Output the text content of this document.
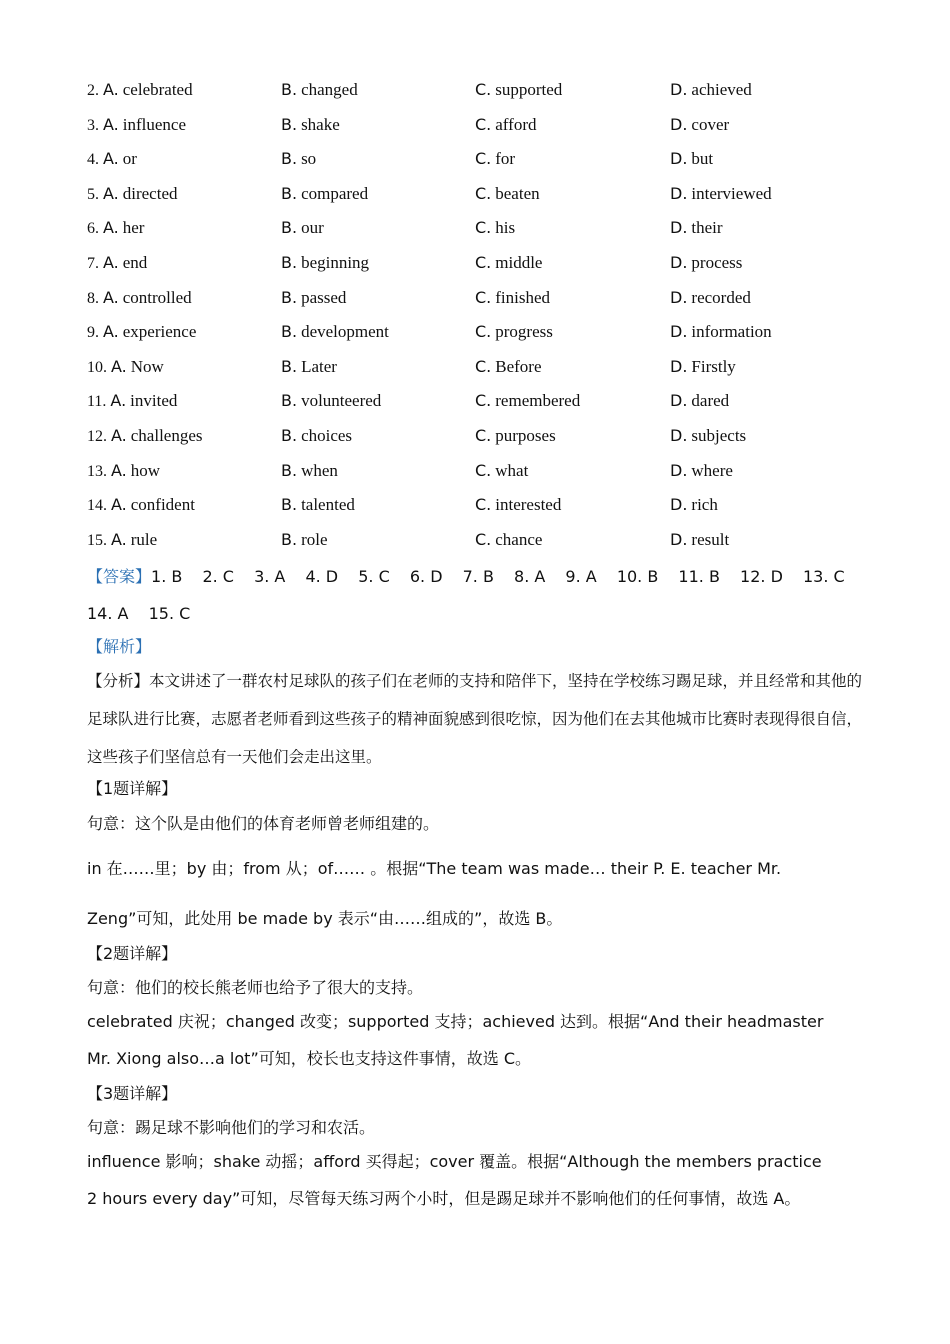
2. A. celebrated	B. changed	C. supported	D. achieved
3. A. influence	B. shake	C. afford	D. cover
4. A. or	B. so	C. for	D. but
5. A. directed	B. compared	C. beaten	D. interviewed
6. A. her	B. our	C. his	D. their
7. A. end	B. beginning	C. middle	D. process
8. A. controlled	B. passed	C. finished	D. recorded
9. A. experience	B. development	C. progress	D. information
10. A. Now	B. Later	C. Before	D. Firstly
11. A. invited	B. volunteered	C. remembered	D. dared
12. A. challenges	B. choices	C. purposes	D. subjects
13. A. how	B. when	C. what	D. where
14. A. confident	B. talented	C. interested	D. rich
15. A. rule	B. role	C. chance	D. result
【答案】1. B 2. C 3. A 4. D 5. C 6. D 7. B 8. A 9. A 10. B 11. B 12. D 13. C 14. A 15. C
【解析】
【分析】本文讲述了一群农村足球队的孩子们在老师的支持和陪伴下，坚持在学校练习踢足球，并且经常和其他的足球队进行比赛，志愿者老师看到这些孩子的精神面貌感到很吃惊，因为他们在去其他城市比赛时表现得很自信，这些孩子们坚信总有一天他们会走出这里。
【1题详解】
句意：这个队是由他们的体育老师曾老师组建的。
in 在……里；by 由；from 从；of…… 。根据“The team was made… their P. E. teacher Mr.
Zeng”可知，此处用 be made by 表示“由……组成的”，故选 B。
【2题详解】
句意：他们的校长熊老师也给予了很大的支持。
celebrated 庆祝；changed 改变；supported 支持；achieved 达到。根据“And their headmaster
Mr. Xiong also…a lot”可知，校长也支持这件事情，故选 C。
【3题详解】
句意：踢足球不影响他们的学习和农活。
influence 影响；shake 动摇；afford 买得起；cover 覆盖。根据“Although the members practice
2 hours every day”可知，尽管每天练习两个小时，但是踢足球并不影响他们的任何事情，故选 A。
